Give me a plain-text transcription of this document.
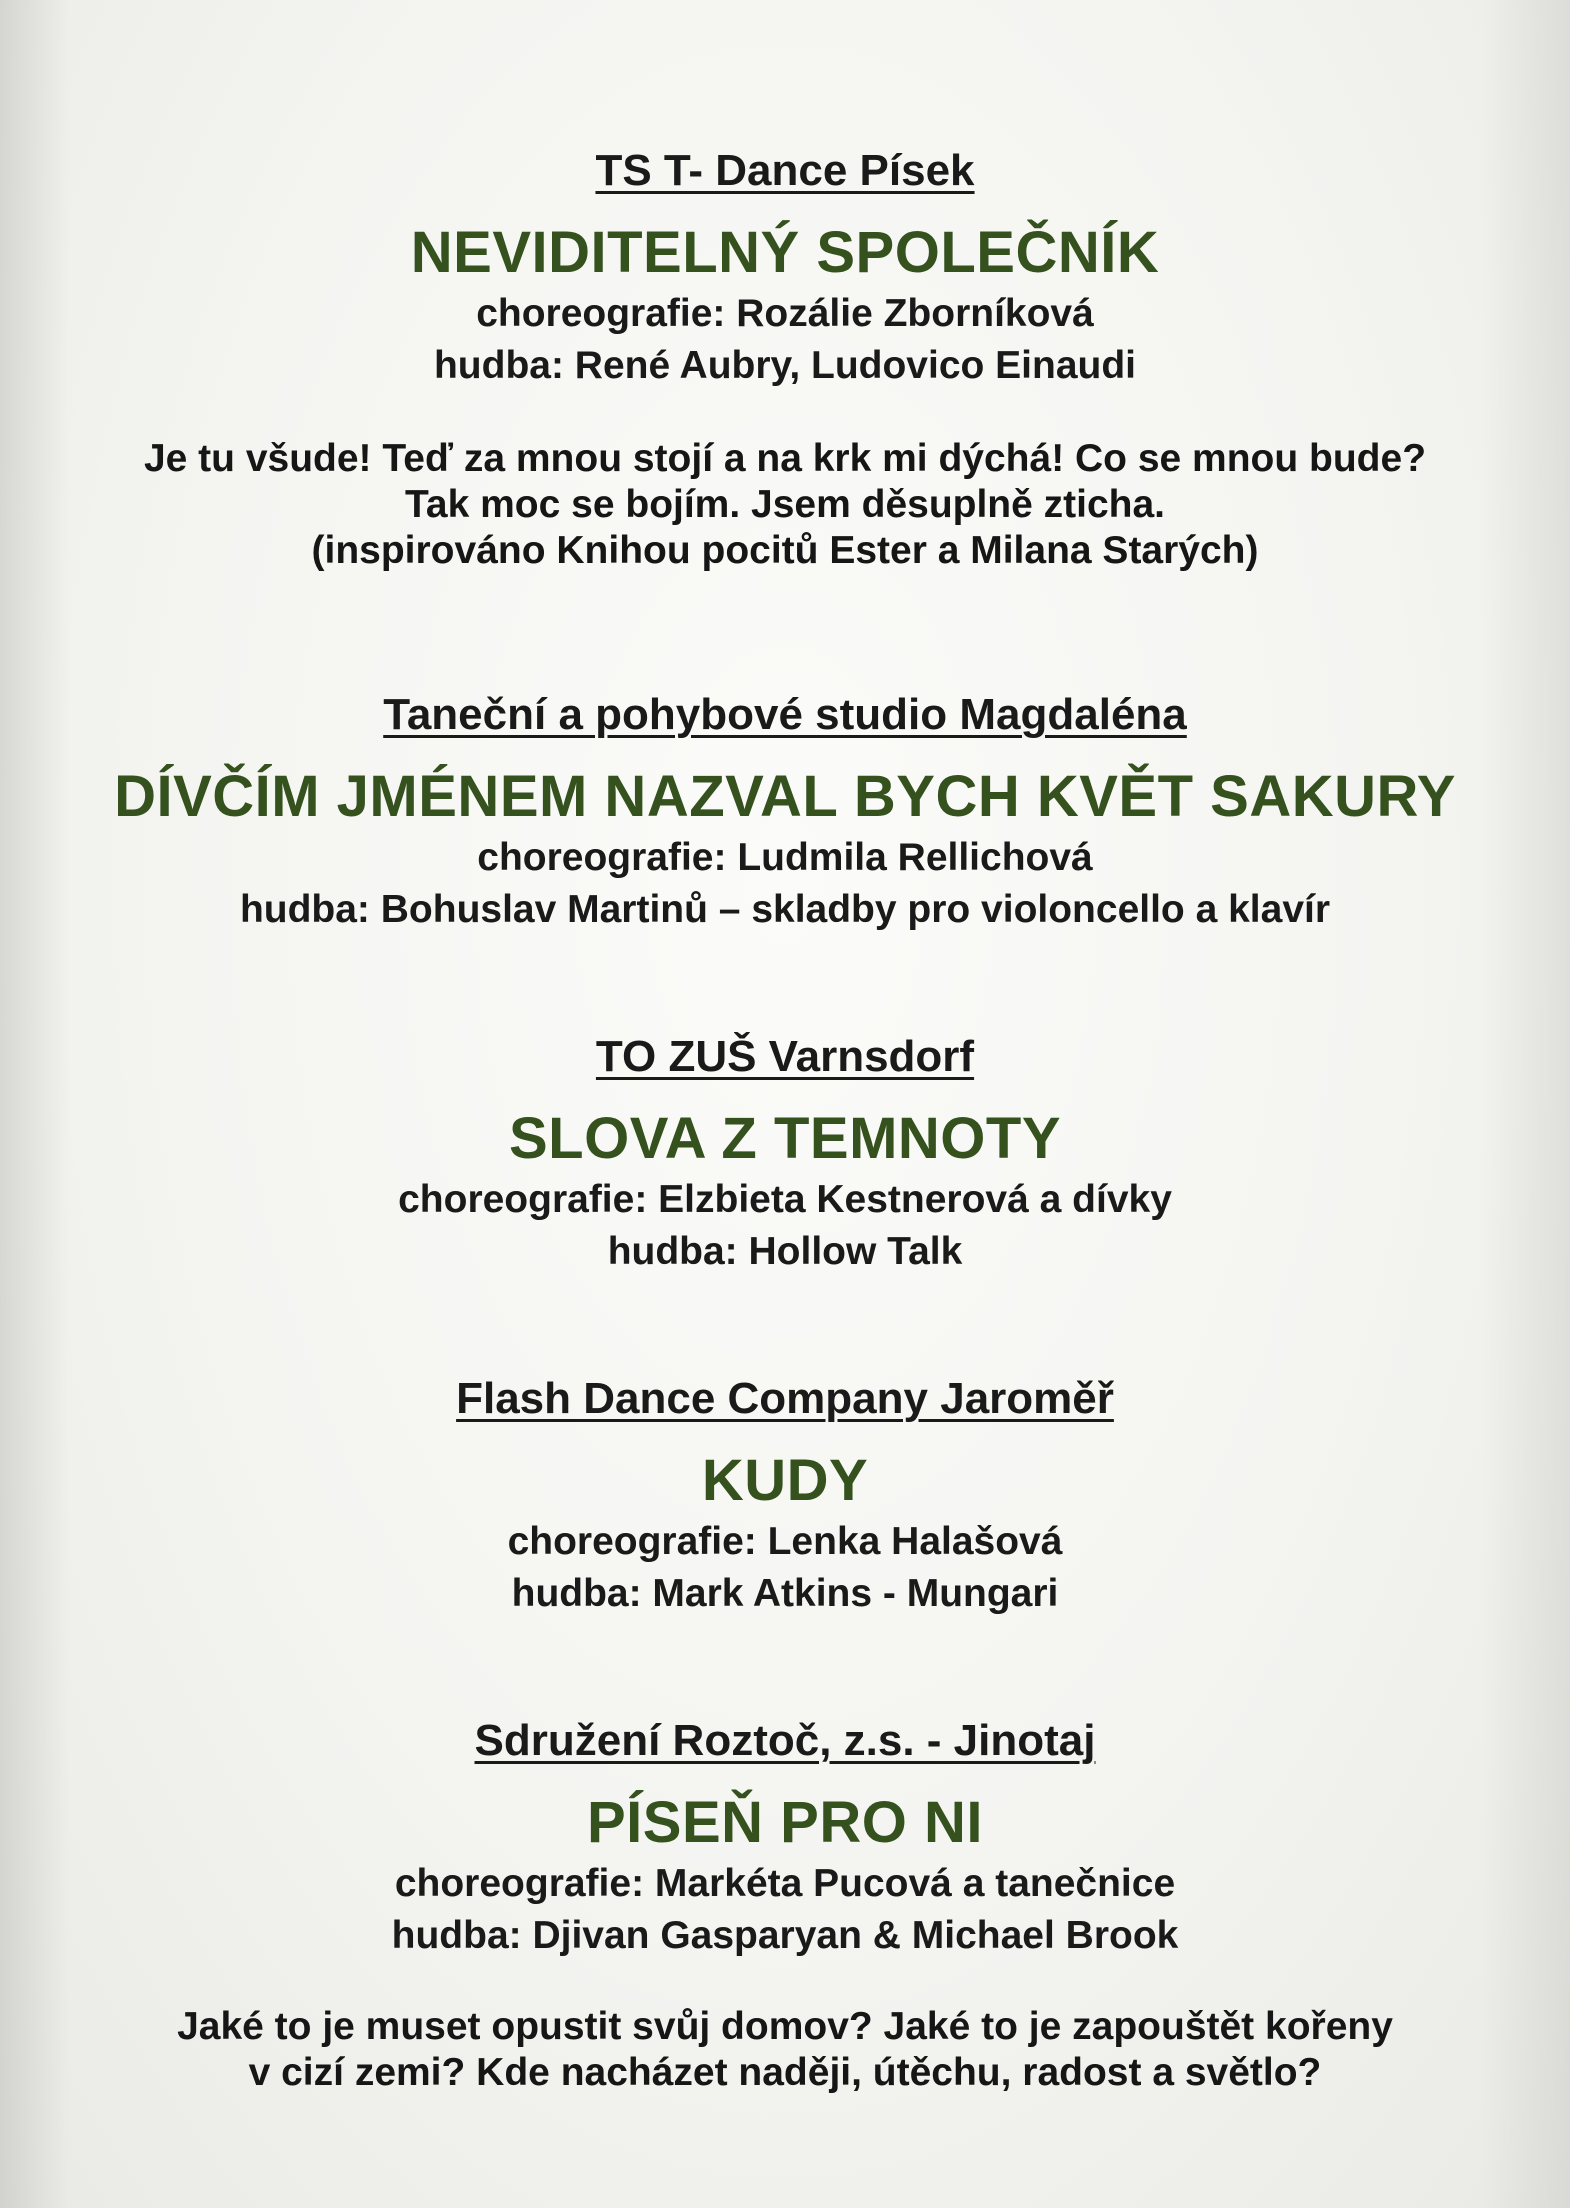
TS T- Dance Písek
NEVIDITELNÝ SPOLEČNÍK
choreografie: Rozálie Zborníková
hudba: René Aubry, Ludovico Einaudi
Je tu všude! Teď za mnou stojí a na krk mi dýchá! Co se mnou bude?
Tak moc se bojím. Jsem děsuplně zticha.
(inspirováno Knihou pocitů Ester a Milana Starých)
Taneční a pohybové studio Magdaléna
DÍVČÍM JMÉNEM NAZVAL BYCH KVĚT SAKURY
choreografie: Ludmila Rellichová
hudba: Bohuslav Martinů – skladby pro violoncello a klavír
TO ZUŠ Varnsdorf
SLOVA Z TEMNOTY
choreografie: Elzbieta Kestnerová a dívky
hudba: Hollow Talk
Flash Dance Company Jaroměř
KUDY
choreografie: Lenka Halašová
hudba: Mark Atkins - Mungari
Sdružení Roztoč, z.s. - Jinotaj
PÍSEŇ PRO NI
choreografie: Markéta Pucová a tanečnice
hudba: Djivan Gasparyan & Michael Brook
Jaké to je muset opustit svůj domov? Jaké to je zapouštět kořeny
v cizí zemi? Kde nacházet naději, útěchu, radost a světlo?
